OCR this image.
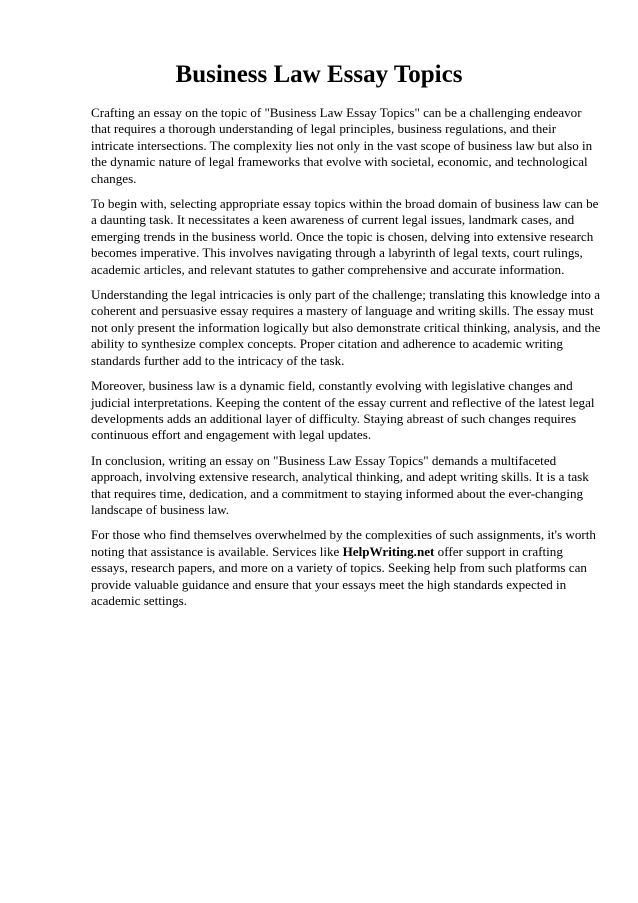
Business Law Essay Topics

Crafting an essay on the topic of "Business Law Essay Topics" can be a challenging endeavor that requires a thorough understanding of legal principles, business regulations, and their intricate intersections. The complexity lies not only in the vast scope of business law but also in the dynamic nature of legal frameworks that evolve with societal, economic, and technological changes.

To begin with, selecting appropriate essay topics within the broad domain of business law can be a daunting task. It necessitates a keen awareness of current legal issues, landmark cases, and emerging trends in the business world. Once the topic is chosen, delving into extensive research becomes imperative. This involves navigating through a labyrinth of legal texts, court rulings, academic articles, and relevant statutes to gather comprehensive and accurate information.

Understanding the legal intricacies is only part of the challenge; translating this knowledge into a coherent and persuasive essay requires a mastery of language and writing skills. The essay must not only present the information logically but also demonstrate critical thinking, analysis, and the ability to synthesize complex concepts. Proper citation and adherence to academic writing standards further add to the intricacy of the task.

Moreover, business law is a dynamic field, constantly evolving with legislative changes and judicial interpretations. Keeping the content of the essay current and reflective of the latest legal developments adds an additional layer of difficulty. Staying abreast of such changes requires continuous effort and engagement with legal updates.

In conclusion, writing an essay on "Business Law Essay Topics" demands a multifaceted approach, involving extensive research, analytical thinking, and adept writing skills. It is a task that requires time, dedication, and a commitment to staying informed about the ever-changing landscape of business law.

For those who find themselves overwhelmed by the complexities of such assignments, it's worth noting that assistance is available. Services like HelpWriting.net offer support in crafting essays, research papers, and more on a variety of topics. Seeking help from such platforms can provide valuable guidance and ensure that your essays meet the high standards expected in academic settings.
